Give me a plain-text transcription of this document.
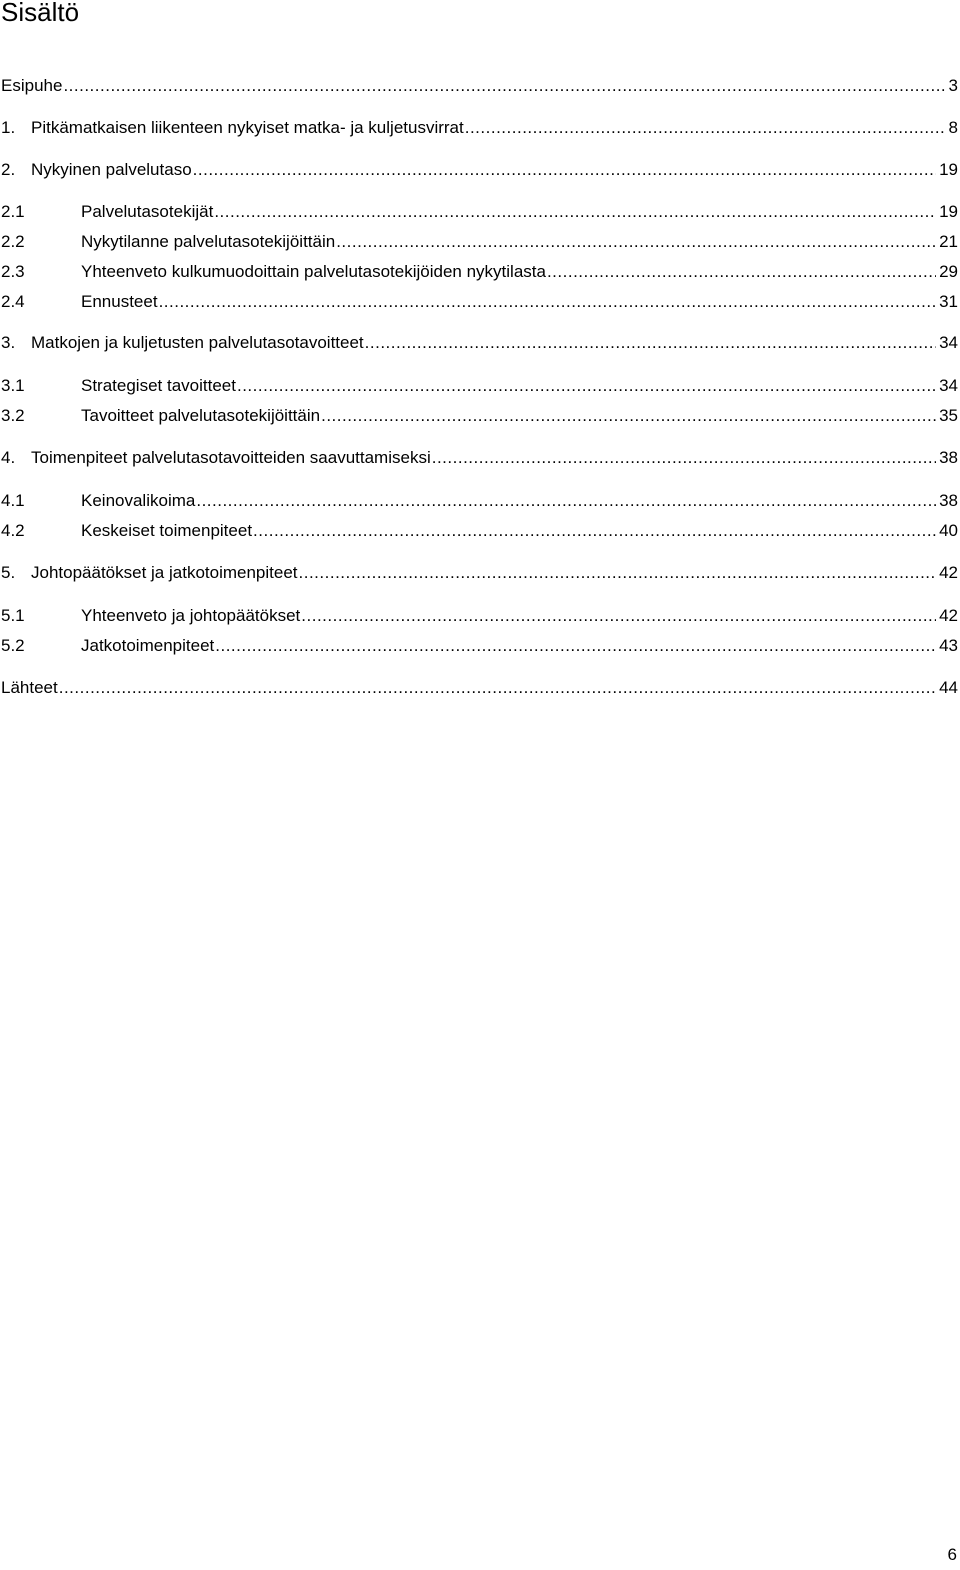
Sisältö
Esipuhe .....	3
1. Pitkämatkaisen liikenteen nykyiset matka- ja kuljetusvirrat .....	8
2. Nykyinen palvelutaso .....	19
2.1	Palvelutasotekijät .....	19
2.2	Nykytilanne palvelutasotekijöittäin .....	21
2.3	Yhteenveto kulkumuodoittain palvelutasotekijöiden nykytilasta .....	29
2.4	Ennusteet .....	31
3. Matkojen ja kuljetusten palvelutasotavoitteet .....	34
3.1	Strategiset tavoitteet .....	34
3.2	Tavoitteet palvelutasotekijöittäin .....	35
4. Toimenpiteet palvelutasotavoitteiden saavuttamiseksi .....	38
4.1	Keinovalikoima .....	38
4.2	Keskeiset toimenpiteet .....	40
5. Johtopäätökset ja jatkotoimenpiteet .....	42
5.1	Yhteenveto ja johtopäätökset .....	42
5.2	Jatkotoimenpiteet .....	43
Lähteet .....	44
6
